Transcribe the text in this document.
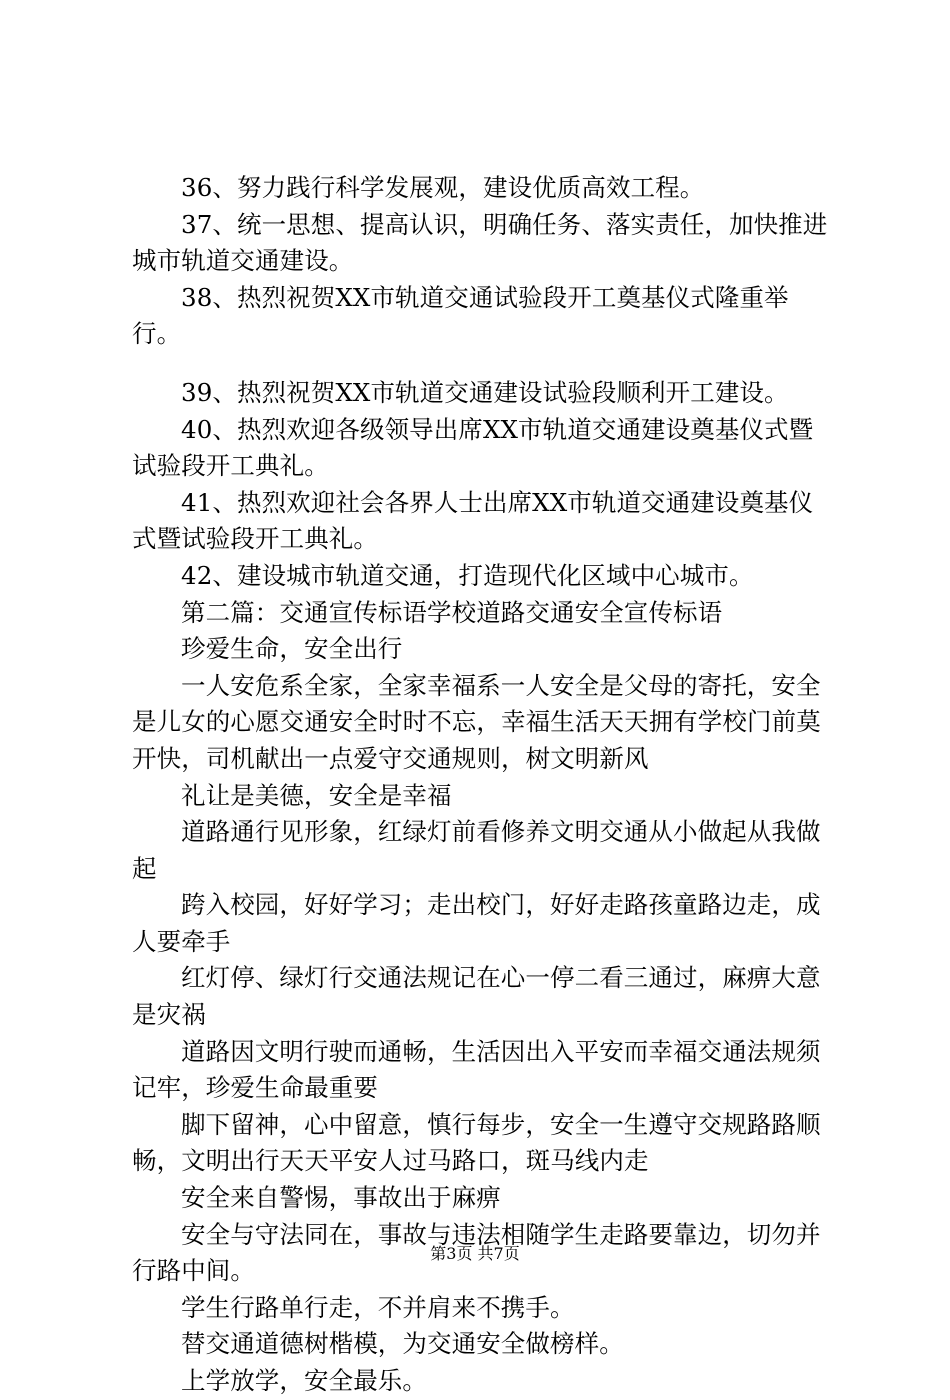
36、努力践行科学发展观，建设优质高效工程。

37、统一思想、提高认识，明确任务、落实责任，加快推进城市轨道交通建设。

38、热烈祝贺XX市轨道交通试验段开工奠基仪式隆重举行。

39、热烈祝贺XX市轨道交通建设试验段顺利开工建设。

40、热烈欢迎各级领导出席XX市轨道交通建设奠基仪式暨试验段开工典礼。

41、热烈欢迎社会各界人士出席XX市轨道交通建设奠基仪式暨试验段开工典礼。

42、建设城市轨道交通，打造现代化区域中心城市。

第二篇：交通宣传标语学校道路交通安全宣传标语

珍爱生命，安全出行

一人安危系全家，全家幸福系一人安全是父母的寄托，安全是儿女的心愿交通安全时时不忘，幸福生活天天拥有学校门前莫开快，司机献出一点爱守交通规则，树文明新风

礼让是美德，安全是幸福

道路通行见形象，红绿灯前看修养文明交通从小做起从我做起

跨入校园，好好学习；走出校门，好好走路孩童路边走，成人要牵手

红灯停、绿灯行交通法规记在心一停二看三通过，麻痹大意是灾祸

道路因文明行驶而通畅，生活因出入平安而幸福交通法规须记牢，珍爱生命最重要

脚下留神，心中留意，慎行每步，安全一生遵守交规路路顺畅，文明出行天天平安人过马路口，斑马线内走

安全来自警惕，事故出于麻痹

安全与守法同在，事故与违法相随学生走路要靠边，切勿并行路中间。

学生行路单行走，不并肩来不携手。

替交通道德树楷模，为交通安全做榜样。

上学放学，安全最乐。

第3页 共7页
